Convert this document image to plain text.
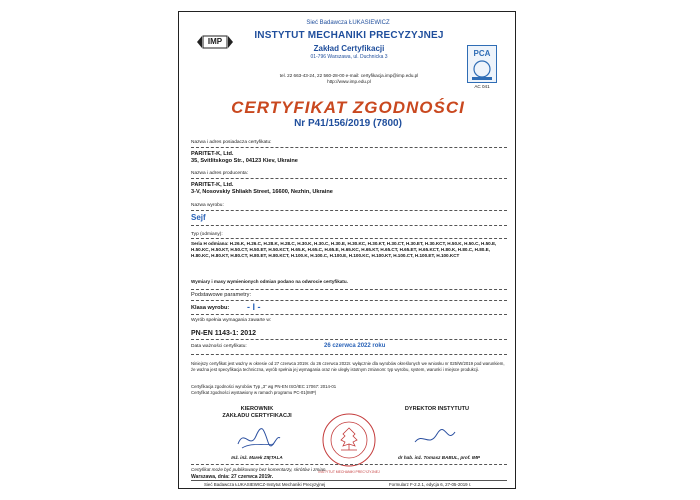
Sieć Badawcza ŁUKASIEWICZ
IMP
INSTYTUT MECHANIKI PRECYZYJNEJ
Zakład Certyfikacji
01-796 Warszawa, ul. Duchnicka 3
tel. 22 663-43-24, 22 560-28-00 e-mail: certyfikacja.imp@imp.edu.pl
http://www.imp.edu.pl
PCA
AC 041
CERTYFIKAT ZGODNOŚCI
Nr P41/156/2019 (7800)
Nazwa i adres posiadacza certyfikatu:
PARITET-K, Ltd.
35, Svitlitskogo Str., 04123 Kiev, Ukraine
Nazwa i adres producenta:
PARITET-K, Ltd.
3-V, Nosovskiy Shliakh Street, 16600, Nezhin, Ukraine
Nazwa wyrobu:
Sejf
Typ (odmiany):
Seria H odmiana: H.26.K, H.26.C, H.28.K, H.28.C, H.30.K, H.30.C, H.30.E, H.30.KC, H.30.KT, H.30.CT, H.30.ET, H.30.KCT, H.50.K, H.50.C, H.50.E, H.50.KC, H.50.KT, H.50.CT, H.50.ET, H.50.KCT, H.65.K, H.65.C, H.65.E, H.65.KC, H.65.KT, H.65.CT, H.65.ET, H.65.KCT, H.80.K, H.80.C, H.80.E, H.80.KC, H.80.KT, H.80.CT, H.80.ET, H.80.KCT, H.100.K, H.100.C, H.100.E, H.100.KC, H.100.KT, H.100.CT, H.100.ET, H.100.KCT
Wymiary i masy wymienionych odmian podano na odwrocie certyfikatu.
Podstawowe parametry:
Klasa wyrobu: - I -
Wyrób spełnia wymagania zawarte w:
PN-EN 1143-1: 2012
Data ważności certyfikatu:	26 czerwca 2022 roku
Niniejszy certyfikat jest ważny w okresie od 27 czerwca 2019r. do 26 czerwca 2022r. wyłącznie dla wyrobów określonych we wniosku nr 025/W/2019 pod warunkiem, że ważna jest specyfikacja techniczna, wyrób spełnia jej wymagania oraz nie uległy istotnym zmianom: typ wyrobu, system, warunki i miejsce produkcji.
Certyfikacja zgodności wyrobów Typ „3” wg PN-EN ISO/IEC 17067: 2014-01
Certyfikat zgodności wystawiony w ramach programu PC-01(IMP)
KIEROWNIK
ZAKŁADU CERTYFIKACJI
INSTYTUT MECHANIKI PRECYZYJNEJ
DYREKTOR INSTYTUTU
Inż. inż. Marek ZIĘTALA	dr hab. inż. Tomasz BABUL, prof. IMP
Certyfikat może być publikowany bez komentarzy, skrótów i zmian.
Warszawa, dnia: 27 czerwca 2019r.
Sieć Badawcza ŁUKASIEWICZ-Instytut Mechaniki Precyzyjnej	Formularz F-2.2.1, edycja 6, 27-05-2019 r.
